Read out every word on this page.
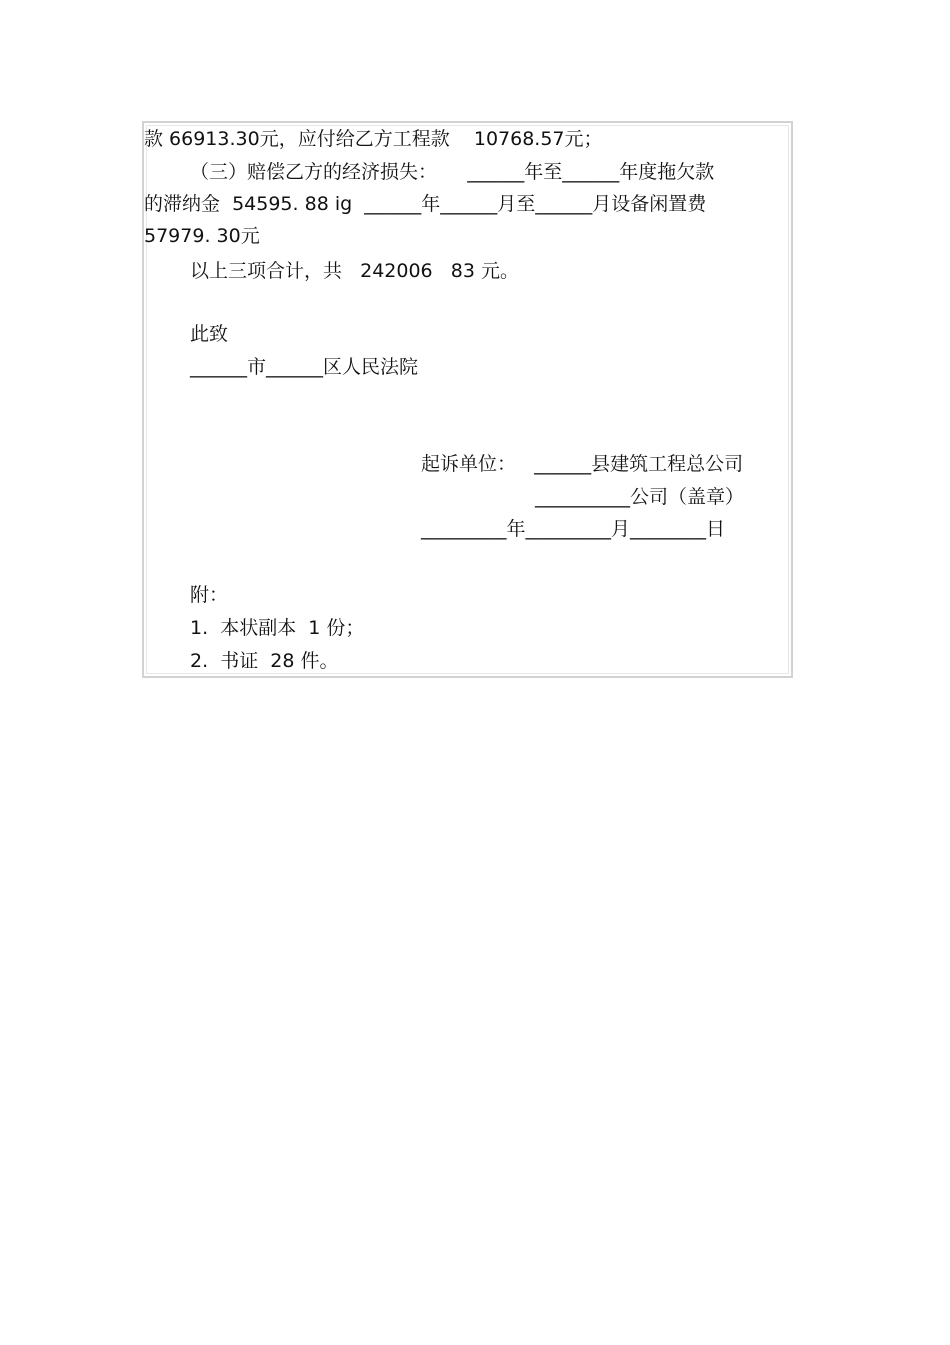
款 66913.30元，应付给乙方工程款    10768.57元；
（三）赔偿乙方的经济损失：     ______年至______年度拖欠款
的滞纳金  54595. 88 ig  ______年______月至______月设备闲置费
57979. 30元
以上三项合计，共   242006   83 元。
此致
______市______区人民法院
起诉单位：   ______县建筑工程总公司
__________公司（盖章）
_________年_________月________日
附：
1.  本状副本  1 份；
2.  书证  28 件。
